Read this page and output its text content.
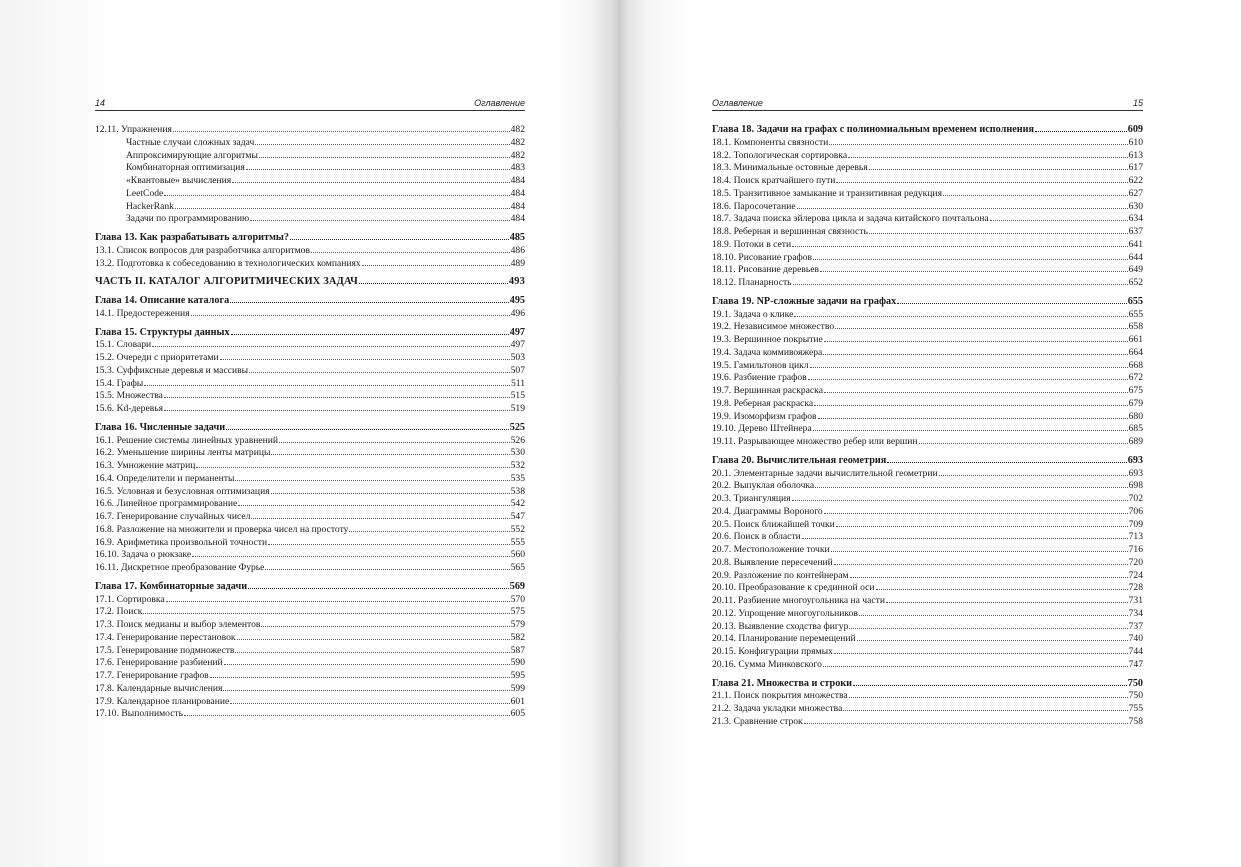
14	Оглавление
12.11. Упражнения	482
Частные случаи сложных задач	482
Аппроксимирующие алгоритмы	482
Комбинаторная оптимизация	483
«Квантовые» вычисления	484
LeetCode	484
HackerRank	484
Задачи по программированию	484
Глава 13. Как разрабатывать алгоритмы?	485
13.1. Список вопросов для разработчика алгоритмов	486
13.2. Подготовка к собеседованию в технологических компаниях	489
ЧАСТЬ II. КАТАЛОГ АЛГОРИТМИЧЕСКИХ ЗАДАЧ	493
Глава 14. Описание каталога	495
14.1. Предостережения	496
Глава 15. Структуры данных	497
15.1. Словари	497
15.2. Очереди с приоритетами	503
15.3. Суффиксные деревья и массивы	507
15.4. Графы	511
15.5. Множества	515
15.6. Kd-деревья	519
Глава 16. Численные задачи	525
16.1. Решение системы линейных уравнений	526
16.2. Уменьшение ширины ленты матрицы	530
16.3. Умножение матриц	532
16.4. Определители и перманенты	535
16.5. Условная и безусловная оптимизация	538
16.6. Линейное программирование	542
16.7. Генерирование случайных чисел	547
16.8. Разложение на множители и проверка чисел на простоту	552
16.9. Арифметика произвольной точности	555
16.10. Задача о рюкзаке	560
16.11. Дискретное преобразование Фурье	565
Глава 17. Комбинаторные задачи	569
17.1. Сортировка	570
17.2. Поиск	575
17.3. Поиск медианы и выбор элементов	579
17.4. Генерирование перестановок	582
17.5. Генерирование подмножеств	587
17.6. Генерирование разбиений	590
17.7. Генерирование графов	595
17.8. Календарные вычисления	599
17.9. Календарное планирование	601
17.10. Выполнимость	605
Оглавление	15
Глава 18. Задачи на графах с полиномиальным временем исполнения	609
18.1. Компоненты связности	610
18.2. Топологическая сортировка	613
18.3. Минимальные остовные деревья	617
18.4. Поиск кратчайшего пути	622
18.5. Транзитивное замыкание и транзитивная редукция	627
18.6. Паросочетание	630
18.7. Задача поиска эйлерова цикла и задача китайского почтальона	634
18.8. Реберная и вершинная связность	637
18.9. Потоки в сети	641
18.10. Рисование графов	644
18.11. Рисование деревьев	649
18.12. Планарность	652
Глава 19. NP-сложные задачи на графах	655
19.1. Задача о клике	655
19.2. Независимое множество	658
19.3. Вершинное покрытие	661
19.4. Задача коммивояжера	664
19.5. Гамильтонов цикл	668
19.6. Разбиение графов	672
19.7. Вершинная раскраска	675
19.8. Реберная раскраска	679
19.9. Изоморфизм графов	680
19.10. Дерево Штейнера	685
19.11. Разрывающее множество ребер или вершин	689
Глава 20. Вычислительная геометрия	693
20.1. Элементарные задачи вычислительной геометрии	693
20.2. Выпуклая оболочка	698
20.3. Триангуляция	702
20.4. Диаграммы Вороного	706
20.5. Поиск ближайшей точки	709
20.6. Поиск в области	713
20.7. Местоположение точки	716
20.8. Выявление пересечений	720
20.9. Разложение по контейнерам	724
20.10. Преобразование к срединной оси	728
20.11. Разбиение многоугольника на части	731
20.12. Упрощение многоугольников	734
20.13. Выявление сходства фигур	737
20.14. Планирование перемещений	740
20.15. Конфигурации прямых	744
20.16. Сумма Минковского	747
Глава 21. Множества и строки	750
21.1. Поиск покрытия множества	750
21.2. Задача укладки множества	755
21.3. Сравнение строк	758
